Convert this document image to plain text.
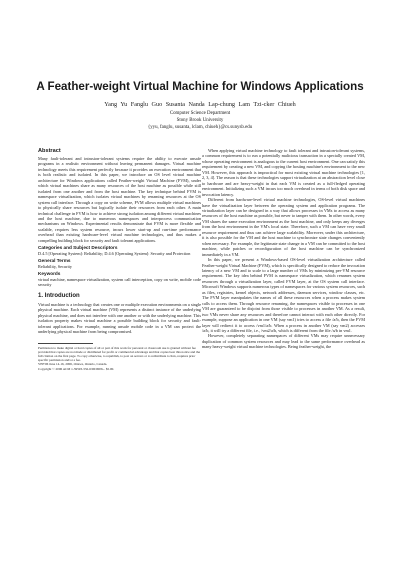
A Feather-weight Virtual Machine for Windows Applications
Yang Yu Fanglu Guo Susanta Nanda Lap-chung Lam Tzi-cker Chiueh
Computer Science Department
Stony Brook University
{yyu, fanglu, susanta, lclam, chiueh}@cs.sunysb.edu
Abstract

Many fault-tolerant and intrusion-tolerant systems require the ability to execute unsafe programs in a realistic environment without leaving permanent damages. Virtual machine technology meets this requirement perfectly because it provides an execution environment that is both realistic and isolated. In this paper, we introduce an OS level virtual machine architecture for Windows applications called Feather-weight Virtual Machine (FVM), under which virtual machines share as many resources of the host machine as possible while still isolated from one another and from the host machine. The key technique behind FVM is namespace virtualization, which isolates virtual machines by renaming resources at the OS system call interface. Through a copy on write scheme, FVM allows multiple virtual machines to physically share resources but logically isolate their resources from each other. A main technical challenge in FVM is how to achieve strong isolation among different virtual machines and the host machine, due to numerous namespaces and interprocess communication mechanisms on Windows. Experimental results demonstrate that FVM is more flexible and scalable, requires less system resource, incurs lower start-up and run-time performance overhead than existing hardware-level virtual machine technologies, and thus makes a compelling building block for security and fault tolerant applications.

Categories and Subject Descriptors

D.4.5 [Operating System]: Reliability; D.4.6 [Operating System]: Security and Protection

General Terms

Reliability, Security

Keywords

virtual machine, namespace virtualization, system call interception, copy on write, mobile code security

1. Introduction

Virtual machine is a technology that creates one or multiple execution environments on a single physical machine. Each virtual machine (VM) represents a distinct instance of the underlying physical machine, and does not interfere with one another or with the underlying machine. This isolation property makes virtual machine a possible building block for security and fault-tolerant applications. For example, running unsafe mobile code in a VM can protect the underlying physical machine from being compromised.

Permission to make digital or hard copies of all or part of this work for personal or classroom use is granted without fee provided that copies are not made or distributed for profit or commercial advantage and that copies bear this notice and the full citation on the first page. To copy otherwise, to republish, to post on servers or to redistribute to lists, requires prior specific permission and/or a fee.
VEE'06 June 14-16, 2006, Ottawa, Ontario, Canada.
Copyright © 2006 ACM 1-59593-332-6/06/0006... $5.00.

When applying virtual machine technology to fault tolerant and intrusion-tolerant systems, a common requirement is to run a potentially malicious transaction in a specially created VM, whose operating environment is analogous to the current host environment. One can satisfy this requirement by creating a new VM, and copying the hosting machine's environment to the new VM. However, this approach is impractical for most existing virtual machine technologies [1, 2, 3, 4]. The reason is that these technologies support virtualization at an abstraction level close to hardware and are heavy-weight in that each VM is created as a full-fledged operating environment. Initializing such a VM incurs too much overhead in terms of both disk space and invocation latency.

Different from hardware-level virtual machine technologies, OS-level virtual machines have the virtualization layer between the operating system and application programs. The virtualization layer can be designed in a way that allows processes in VMs to access as many resources of the host machine as possible, but never to tamper with them. In other words, every VM shares the same execution environment as the host machine, and only keeps any diverges from the host environment in the VM's local state. Therefore, such a VM can have very small resource requirement and thus can achieve large scalability. Moreover, under this architecture, it is also possible for the VM and the host machine to synchronize state changes conveniently when necessary. For example, the legitimate state change in a VM can be committed to the host machine, while patches or reconfiguration of the host machine can be synchronized immediately in a VM.

In this paper, we present a Windows-based OS-level virtualization architecture called Feather-weight Virtual Machine (FVM), which is specifically designed to reduce the invocation latency of a new VM and to scale to a large number of VMs by minimizing per-VM resource requirement. The key idea behind FVM is namespace virtualization, which renames system resources through a virtualization layer, called FVM layer, at the OS system call interface. Microsoft Windows supports numerous types of namespaces for various system resources, such as files, registries, kernel objects, network addresses, daemon services, window classes, etc. The FVM layer manipulates the names of all these resources when a process makes system calls to access them. Through resource renaming, the namespaces visible to processes in one VM are guaranteed to be disjoint from those visible to processes in another VM. As a result, two VMs never share any resources and therefore cannot interact with each other directly. For example, suppose an application in one VM (say vm1) tries to access a file /a/b, then the FVM layer will redirect it to access /vm1/a/b. When a process in another VM (say vm2) accesses /a/b, it will try a different file, i.e., /vm2/a/b, which is different from the file /a/b in vm1.

However, completely separating namespaces of different VMs may require unnecessary duplication of common system resources and may lead to the same performance overhead as many heavy-weight virtual machine technologies. Being feather-weight, the
